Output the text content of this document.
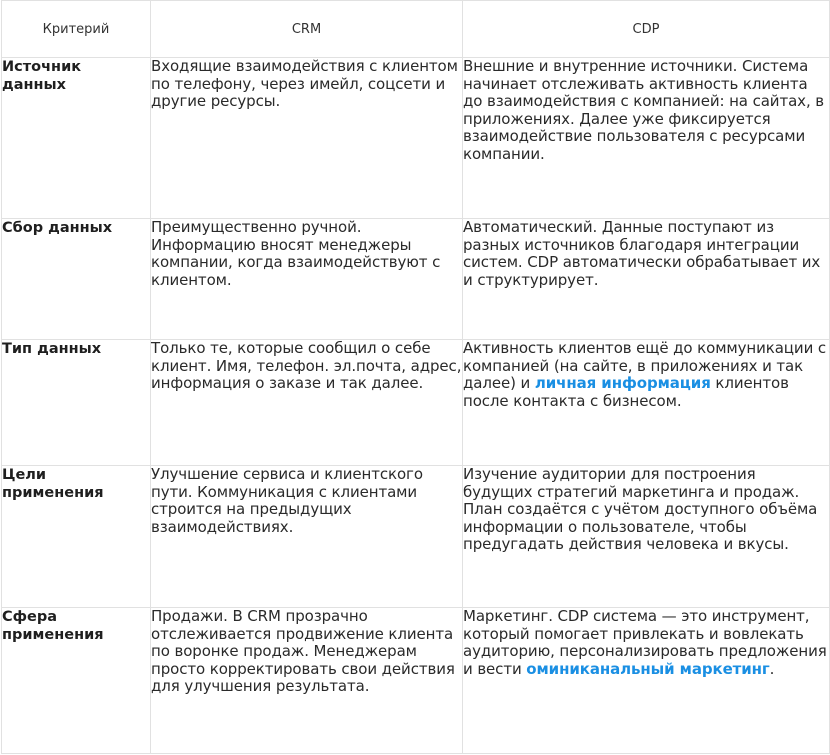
Критерий	CRM	CDP
Источник данных	Входящие взаимодействия с клиентом по телефону, через имейл, соцсети и другие ресурсы.	Внешние и внутренние источники. Система начинает отслеживать активность клиента до взаимодействия с компанией: на сайтах, в приложениях. Далее уже фиксируется взаимодействие пользователя с ресурсами компании.
Сбор данных	Преимущественно ручной. Информацию вносят менеджеры компании, когда взаимодействуют с клиентом.	Автоматический. Данные поступают из разных источников благодаря интеграции систем. CDP автоматически обрабатывает их и структурирует.
Тип данных	Только те, которые сообщил о себе клиент. Имя, телефон. эл.почта, адрес, информация о заказе и так далее.	Активность клиентов ещё до коммуникации с компанией (на сайте, в приложениях и так далее) и личная информация клиентов после контакта с бизнесом.
Цели применения	Улучшение сервиса и клиентского пути. Коммуникация с клиентами строится на предыдущих взаимодействиях.	Изучение аудитории для построения будущих стратегий маркетинга и продаж. План создаётся с учётом доступного объёма информации о пользователе, чтобы предугадать действия человека и вкусы.
Сфера применения	Продажи. В CRM прозрачно отслеживается продвижение клиента по воронке продаж. Менеджерам просто корректировать свои действия для улучшения результата.	Маркетинг. CDP система — это инструмент, который помогает привлекать и вовлекать аудиторию, персонализировать предложения и вести оминиканальный маркетинг.
